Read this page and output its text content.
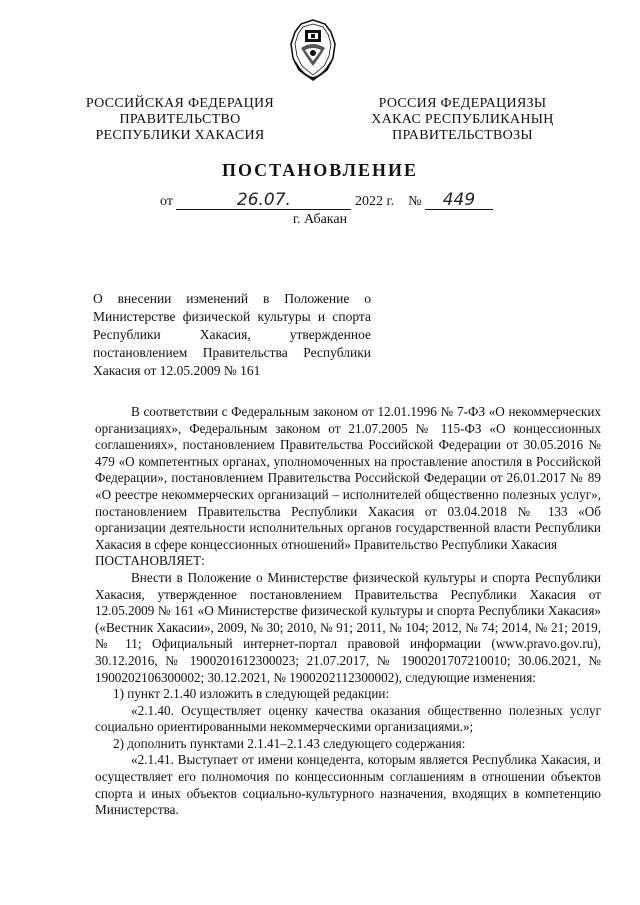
РОССИЙСКАЯ ФЕДЕРАЦИЯ
ПРАВИТЕЛЬСТВО
РЕСПУБЛИКИ ХАКАСИЯ
РОССИЯ ФЕДЕРАЦИЯЗЫ
ХАКАС РЕСПУБЛИКАНЫҢ
ПРАВИТЕЛЬСТВОЗЫ
ПОСТАНОВЛЕНИЕ
от	26.07.	2022 г. №	449
г. Абакан
О внесении изменений в Положение о Министерстве физической культуры и спорта Республики Хакасия, утвержденное постановлением Правительства Республики Хакасия от 12.05.2009 № 161

В соответствии с Федеральным законом от 12.01.1996 № 7-ФЗ «О некоммерческих организациях», Федеральным законом от 21.07.2005 № 115-ФЗ «О концессионных соглашениях», постановлением Правительства Российской Федерации от 30.05.2016 № 479 «О компетентных органах, уполномоченных на проставление апостиля в Российской Федерации», постановлением Правительства Российской Федерации от 26.01.2017 № 89 «О реестре некоммерческих организаций – исполнителей общественно полезных услуг», постановлением Правительства Республики Хакасия от 03.04.2018 № 133 «Об организации деятельности исполнительных органов государственной власти Республики Хакасия в сфере концессионных отношений» Правительство Республики Хакасия

ПОСТАНОВЛЯЕТ:

Внести в Положение о Министерстве физической культуры и спорта Республики Хакасия, утвержденное постановлением Правительства Республики Хакасия от 12.05.2009 № 161 «О Министерстве физической культуры и спорта Республики Хакасия» («Вестник Хакасии», 2009, № 30; 2010, № 91; 2011, № 104; 2012, № 74; 2014, № 21; 2019, № 11; Официальный интернет-портал правовой информации (www.pravo.gov.ru), 30.12.2016, № 1900201612300023; 21.07.2017, № 1900201707210010; 30.06.2021, № 1900202106300002; 30.12.2021, № 1900202112300002), следующие изменения:

1) пункт 2.1.40 изложить в следующей редакции:

«2.1.40. Осуществляет оценку качества оказания общественно полезных услуг социально ориентированными некоммерческими организациями.»;

2) дополнить пунктами 2.1.41–2.1.43 следующего содержания:

«2.1.41. Выступает от имени концедента, которым является Республика Хакасия, и осуществляет его полномочия по концессионным соглашениям в отношении объектов спорта и иных объектов социально-культурного назначения, входящих в компетенцию Министерства.
